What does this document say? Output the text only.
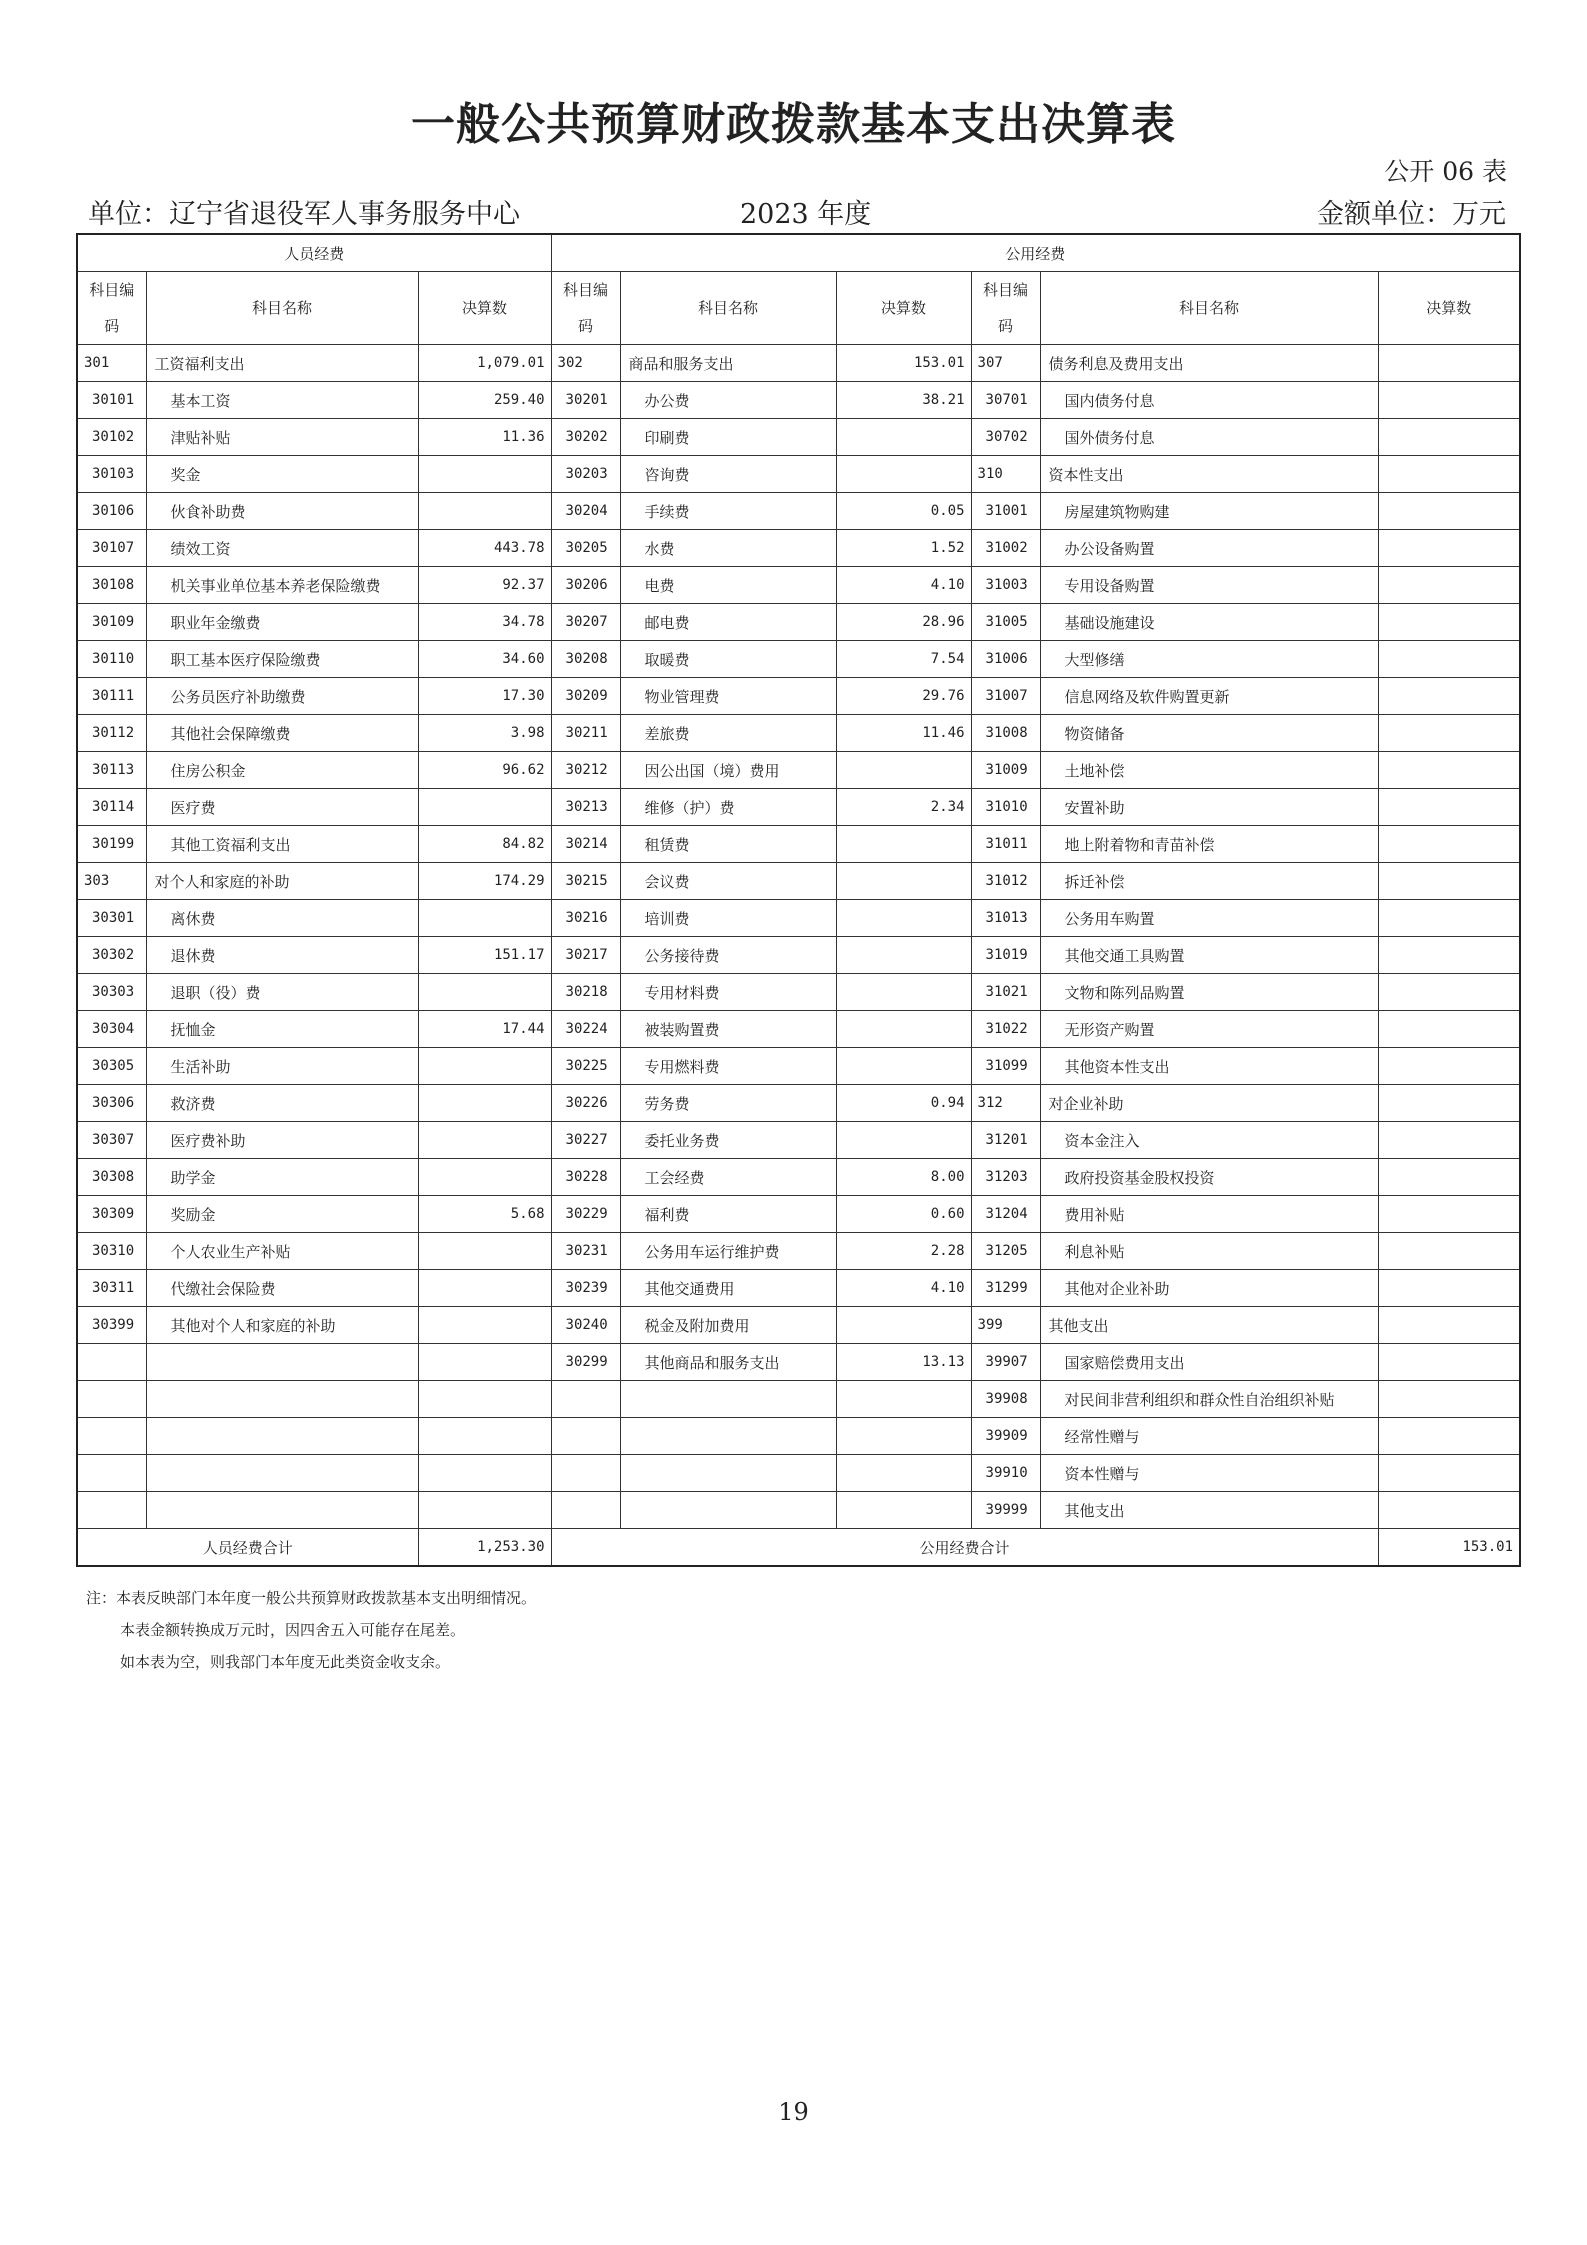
一般公共预算财政拨款基本支出决算表
公开 06 表
单位：辽宁省退役军人事务服务中心	2023 年度	金额单位：万元
人员经费			公用经费					
科目编码	科目名称	决算数	科目编码	科目名称	决算数	科目编码	科目名称	决算数
301	工资福利支出	1,079.01	302	商品和服务支出	153.01	307	债务利息及费用支出	
30101	基本工资	259.40	30201	办公费	38.21	30701	国内债务付息	
30102	津贴补贴	11.36	30202	印刷费		30702	国外债务付息	
30103	奖金		30203	咨询费		310	资本性支出	
30106	伙食补助费		30204	手续费	0.05	31001	房屋建筑物购建	
30107	绩效工资	443.78	30205	水费	1.52	31002	办公设备购置	
30108	机关事业单位基本养老保险缴费	92.37	30206	电费	4.10	31003	专用设备购置	
30109	职业年金缴费	34.78	30207	邮电费	28.96	31005	基础设施建设	
30110	职工基本医疗保险缴费	34.60	30208	取暖费	7.54	31006	大型修缮	
30111	公务员医疗补助缴费	17.30	30209	物业管理费	29.76	31007	信息网络及软件购置更新	
30112	其他社会保障缴费	3.98	30211	差旅费	11.46	31008	物资储备	
30113	住房公积金	96.62	30212	因公出国（境）费用		31009	土地补偿	
30114	医疗费		30213	维修（护）费	2.34	31010	安置补助	
30199	其他工资福利支出	84.82	30214	租赁费		31011	地上附着物和青苗补偿	
303	对个人和家庭的补助	174.29	30215	会议费		31012	拆迁补偿	
30301	离休费		30216	培训费		31013	公务用车购置	
30302	退休费	151.17	30217	公务接待费		31019	其他交通工具购置	
30303	退职（役）费		30218	专用材料费		31021	文物和陈列品购置	
30304	抚恤金	17.44	30224	被装购置费		31022	无形资产购置	
30305	生活补助		30225	专用燃料费		31099	其他资本性支出	
30306	救济费		30226	劳务费	0.94	312	对企业补助	
30307	医疗费补助		30227	委托业务费		31201	资本金注入	
30308	助学金		30228	工会经费	8.00	31203	政府投资基金股权投资	
30309	奖励金	5.68	30229	福利费	0.60	31204	费用补贴	
30310	个人农业生产补贴		30231	公务用车运行维护费	2.28	31205	利息补贴	
30311	代缴社会保险费		30239	其他交通费用	4.10	31299	其他对企业补助	
30399	其他对个人和家庭的补助		30240	税金及附加费用		399	其他支出	
			30299	其他商品和服务支出	13.13	39907	国家赔偿费用支出	
						39908	对民间非营利组织和群众性自治组织补贴	
						39909	经常性赠与	
						39910	资本性赠与	
						39999	其他支出	
人员经费合计		1,253.30	公用经费合计					153.01
注：本表反映部门本年度一般公共预算财政拨款基本支出明细情况。
本表金额转换成万元时，因四舍五入可能存在尾差。
如本表为空，则我部门本年度无此类资金收支余。
19
